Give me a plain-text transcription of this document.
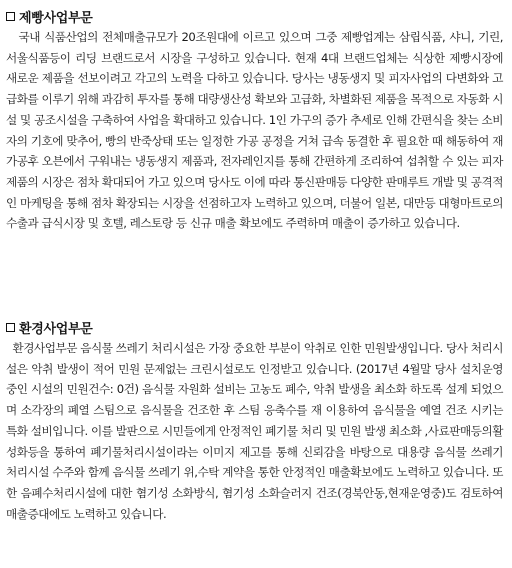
제빵사업부문

국내 식품산업의 전체매출규모가 20조원대에 이르고 있으며 그중 제빵업계는 삼립식품, 샤니, 기린, 서울식품등이 리딩 브랜드로서 시장을 구성하고 있습니다. 현재 4대 브랜드업체는 식상한 제빵시장에 새로운 제품을 선보이려고 각고의 노력을 다하고 있습니다. 당사는 냉동생지 및 피자사업의 다변화와 고급화를 이루기 위해 과감히 투자를 통해 대량생산성 확보와 고급화, 차별화된 제품을 목적으로 자동화 시설 및 공조시설을 구축하여 사업을 확대하고 있습니다. 1인 가구의 증가 추세로 인해 간편식을 찾는 소비자의 기호에 맞추어, 빵의 반죽상태 또는 일정한 가공 공정을 거쳐 급속 동결한 후 필요한 때 해동하여 재가공후 오븐에서 구워내는 냉동생지 제품과, 전자레인지를 통해 간편하게 조리하여 섭취할 수 있는 피자 제품의 시장은 점차 확대되어 가고 있으며 당사도 이에 따라 통신판매등 다양한 판매루트 개발 및 공격적인 마케팅을 통해 점차 확장되는 시장을 선점하고자 노력하고 있으며, 더불어 일본, 대만등 대형마트로의 수출과 급식시장 및 호텔, 레스토랑 등 신규 매출 확보에도 주력하며 매출이 증가하고 있습니다.

환경사업부문

환경사업부문 음식물 쓰레기 처리시설은 가장 중요한 부분이 악취로 인한 민원발생입니다. 당사 처리시설은 악취 발생이 적어 민원 문제없는 크린시설로도 인정받고 있습니다. (2017년 4월말 당사 설치운영중인 시설의 민원건수: 0건) 음식물 자원화 설비는 고농도 폐수, 악취 발생을 최소화 하도록 설계 되었으며 소각장의 폐열 스팀으로 음식물을 건조한 후 스팀 응축수를 재 이용하여 음식물을 예열 건조 시키는 특화 설비입니다. 이를 발판으로 시민들에게 안정적인 폐기물 처리 및 민원 발생 최소화 ,사료판매등의활성화등을 통하여 폐기물처리시설이라는 이미지 제고를 통해 신뢰감을 바탕으로 대용량 음식물 쓰레기 처리시설 수주와 함께 음식물 쓰레기 위,수탁 계약을 통한 안정적인 매출확보에도 노력하고 있습니다. 또한 음폐수처리시설에 대한 혐기성 소화방식, 혐기성 소화슬러지 건조(경북안동,현재운영중)도 검토하여 매출증대에도 노력하고 있습니다.
